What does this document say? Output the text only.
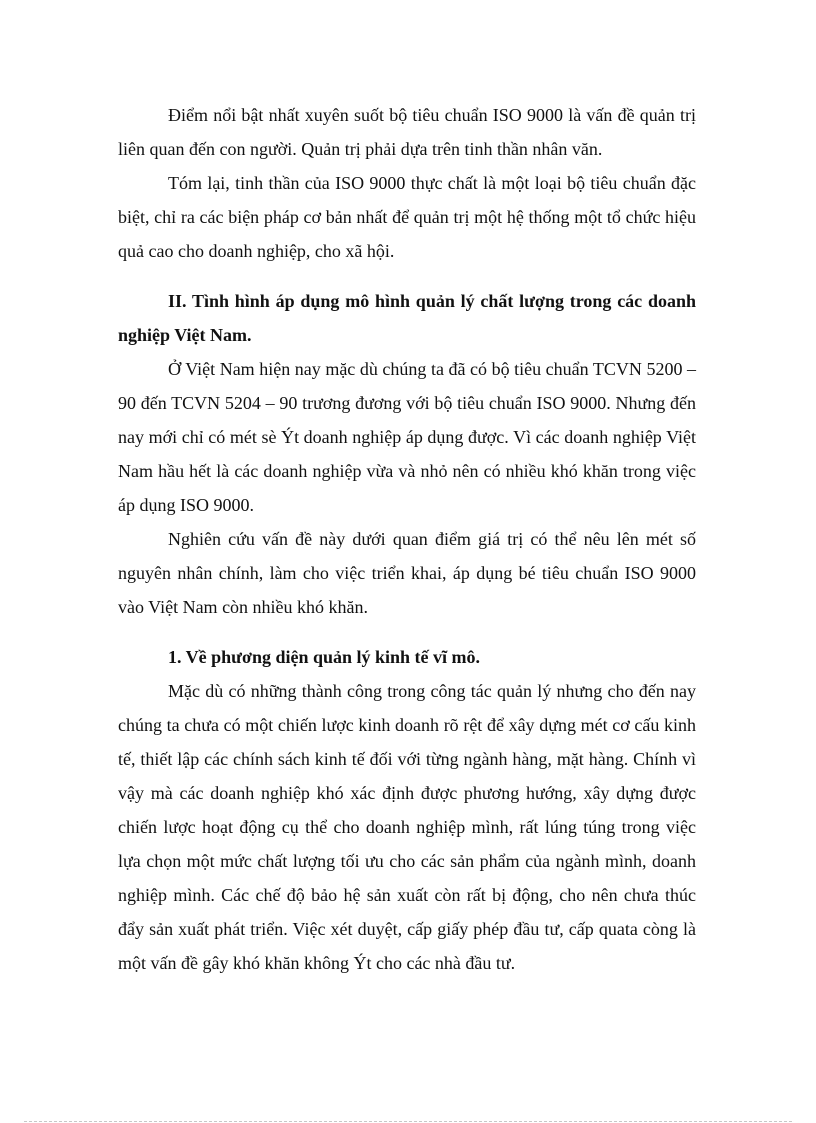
Điểm nổi bật nhất xuyên suốt bộ tiêu chuẩn ISO 9000 là vấn đề quản trị liên quan đến con người. Quản trị phải dựa trên tinh thần nhân văn.

Tóm lại, tinh thần của ISO 9000 thực chất là một loại bộ tiêu chuẩn đặc biệt, chỉ ra các biện pháp cơ bản nhất để quản trị một hệ thống một tổ chức hiệu quả cao cho doanh nghiệp, cho xã hội.

II. Tình hình áp dụng mô hình quản lý chất lượng trong các doanh nghiệp Việt Nam.

Ở Việt Nam hiện nay mặc dù chúng ta đã có bộ tiêu chuẩn TCVN 5200 – 90 đến TCVN 5204 – 90 trương đương với bộ tiêu chuẩn ISO 9000. Nhưng đến nay mới chỉ có mét sè Ýt doanh nghiệp áp dụng được. Vì các doanh nghiệp Việt Nam hầu hết là các doanh nghiệp vừa và nhỏ nên có nhiều khó khăn trong việc áp dụng ISO 9000.

Nghiên cứu vấn đề này dưới quan điểm giá trị có thể nêu lên mét số nguyên nhân chính, làm cho việc triển khai, áp dụng bé tiêu chuẩn ISO 9000 vào Việt Nam còn nhiều khó khăn.

1. Về phương diện quản lý kinh tế vĩ mô.

Mặc dù có những thành công trong công tác quản lý nhưng cho đến nay chúng ta chưa có một chiến lược kinh doanh rõ rệt để xây dựng mét cơ cấu kinh tế, thiết lập các chính sách kinh tế đối với từng ngành hàng, mặt hàng. Chính vì vậy mà các doanh nghiệp khó xác định được phương hướng, xây dựng được chiến lược hoạt động cụ thể cho doanh nghiệp mình, rất lúng túng trong việc lựa chọn một mức chất lượng tối ưu cho các sản phẩm của ngành mình, doanh nghiệp mình. Các chế độ bảo hệ sản xuất còn rất bị động, cho nên chưa thúc đẩy sản xuất phát triển. Việc xét duyệt, cấp giấy phép đầu tư, cấp quata còng là một vấn đề gây khó khăn không Ýt cho các nhà đầu tư.
